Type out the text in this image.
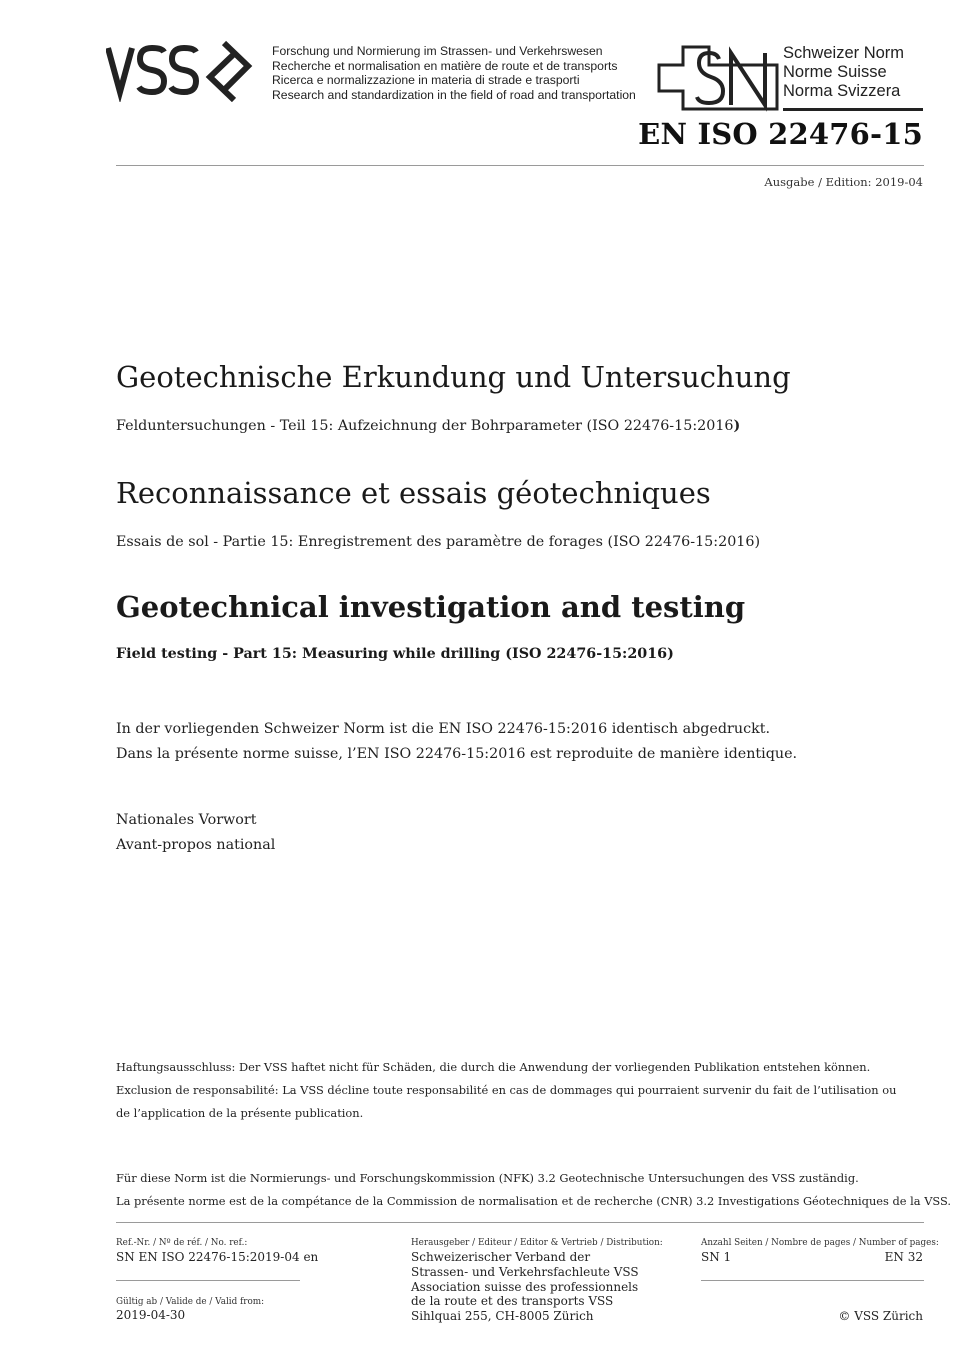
Forschung und Normierung im Strassen- und Verkehrswesen
Recherche et normalisation en matière de route et de transports
Ricerca e normalizzazione in materia di strade e trasporti
Research and standardization in the field of road and transportation
Schweizer Norm
Norme Suisse
Norma Svizzera
EN ISO 22476-15
Ausgabe / Edition: 2019-04
Geotechnische Erkundung und Untersuchung
Felduntersuchungen - Teil 15: Aufzeichnung der Bohrparameter (ISO 22476-15:2016)
Reconnaissance et essais géotechniques
Essais de sol - Partie 15: Enregistrement des paramètre de forages (ISO 22476-15:2016)
Geotechnical investigation and testing
Field testing - Part 15: Measuring while drilling (ISO 22476-15:2016)
In der vorliegenden Schweizer Norm ist die EN ISO 22476-15:2016 identisch abgedruckt.
Dans la présente norme suisse, l’EN ISO 22476-15:2016 est reproduite de manière identique.
Nationales Vorwort
Avant-propos national
Haftungsausschluss: Der VSS haftet nicht für Schäden, die durch die Anwendung der vorliegenden Publikation entstehen können.
Exclusion de responsabilité: La VSS décline toute responsabilité en cas de dommages qui pourraient survenir du fait de l’utilisation ou
de l’application de la présente publication.
Für diese Norm ist die Normierungs- und Forschungskommission (NFK) 3.2 Geotechnische Untersuchungen des VSS zuständig.
La présente norme est de la compétance de la Commission de normalisation et de recherche (CNR) 3.2 Investigations Géotechniques de la VSS.
Ref.-Nr. / Nº de réf. / No. ref.:
SN EN ISO 22476-15:2019-04 en
Gültig ab / Valide de / Valid from:
2019-04-30
Herausgeber / Editeur / Editor & Vertrieb / Distribution:
Schweizerischer Verband der
Strassen- und Verkehrsfachleute VSS
Association suisse des professionnels
de la route et des transports VSS
Sihlquai 255, CH-8005 Zürich
Anzahl Seiten / Nombre de pages / Number of pages:
SN 1	EN 32
© VSS Zürich
